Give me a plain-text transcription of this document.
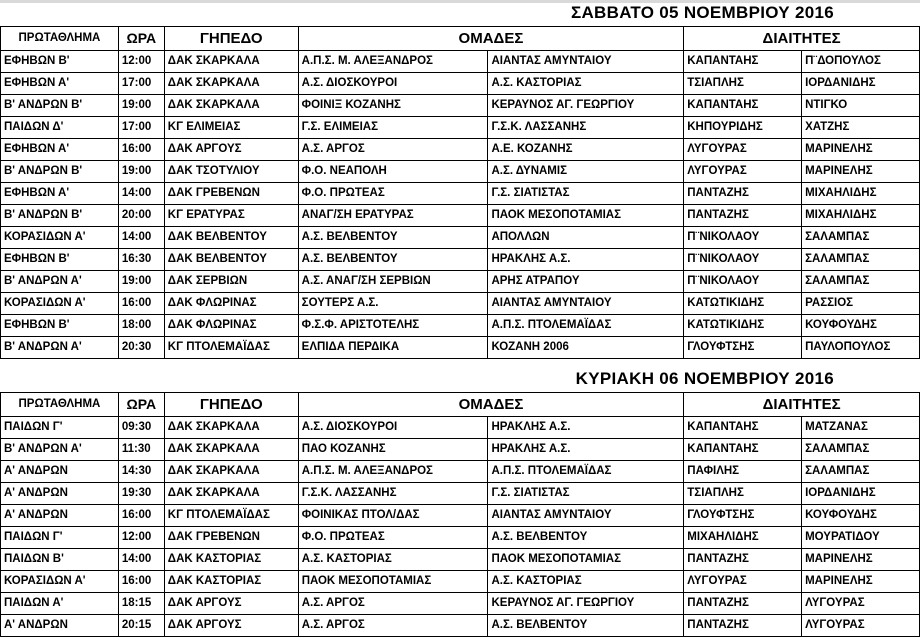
ΣΑΒΒΑΤΟ 05 ΝΟΕΜΒΡΙΟΥ 2016
ΠΡΩΤΑΘΛΗΜΑ	ΩΡΑ	ΓΗΠΕΔΟ	ΟΜΑΔΕΣ		ΔΙΑΙΤΗΤΕΣ	
ΕΦΗΒΩΝ Β'	12:00	ΔΑΚ ΣΚΑΡΚΑΛΑ	Α.Π.Σ. Μ. ΑΛΕΞΑΝΔΡΟΣ	ΑΙΑΝΤΑΣ ΑΜΥΝΤΑΙΟΥ	ΚΑΠΑΝΤΑΗΣ	Π¨ΔΟΠΟΥΛΟΣ
ΕΦΗΒΩΝ Α'	17:00	ΔΑΚ ΣΚΑΡΚΑΛΑ	Α.Σ. ΔΙΟΣΚΟΥΡΟΙ	Α.Σ. ΚΑΣΤΟΡΙΑΣ	ΤΣΙΑΠΛΗΣ	ΙΟΡΔΑΝΙΔΗΣ
Β' ΑΝΔΡΩΝ Β'	19:00	ΔΑΚ ΣΚΑΡΚΑΛΑ	ΦΟΙΝΙΞ ΚΟΖΑΝΗΣ	ΚΕΡΑΥΝΟΣ ΑΓ. ΓΕΩΡΓΙΟΥ	ΚΑΠΑΝΤΑΗΣ	ΝΤΙΓΚΟ
ΠΑΙΔΩΝ Δ'	17:00	ΚΓ ΕΛΙΜΕΙΑΣ	Γ.Σ. ΕΛΙΜΕΙΑΣ	Γ.Σ.Κ. ΛΑΣΣΑΝΗΣ	ΚΗΠΟΥΡΙΔΗΣ	ΧΑΤΖΗΣ
ΕΦΗΒΩΝ Α'	16:00	ΔΑΚ ΑΡΓΟΥΣ	Α.Σ. ΑΡΓΟΣ	Α.Ε. ΚΟΖΑΝΗΣ	ΛΥΓΟΥΡΑΣ	ΜΑΡΙΝΕΛΗΣ
Β' ΑΝΔΡΩΝ Β'	19:00	ΔΑΚ ΤΣΟΤΥΛΙΟΥ	Φ.Ο. ΝΕΑΠΟΛΗ	Α.Σ. ΔΥΝΑΜΙΣ	ΛΥΓΟΥΡΑΣ	ΜΑΡΙΝΕΛΗΣ
ΕΦΗΒΩΝ Α'	14:00	ΔΑΚ ΓΡΕΒΕΝΩΝ	Φ.Ο. ΠΡΩΤΕΑΣ	Γ.Σ. ΣΙΑΤΙΣΤΑΣ	ΠΑΝΤΑΖΗΣ	ΜΙΧΑΗΛΙΔΗΣ
Β' ΑΝΔΡΩΝ Β'	20:00	ΚΓ ΕΡΑΤΥΡΑΣ	ΑΝΑΓ/ΣΗ ΕΡΑΤΥΡΑΣ	ΠΑΟΚ ΜΕΣΟΠΟΤΑΜΙΑΣ	ΠΑΝΤΑΖΗΣ	ΜΙΧΑΗΛΙΔΗΣ
ΚΟΡΑΣΙΔΩΝ Α'	14:00	ΔΑΚ ΒΕΛΒΕΝΤΟΥ	Α.Σ. ΒΕΛΒΕΝΤΟΥ	ΑΠΟΛΛΩΝ	Π¨ΝΙΚΟΛΑΟΥ	ΣΑΛΑΜΠΑΣ
ΕΦΗΒΩΝ Β'	16:30	ΔΑΚ ΒΕΛΒΕΝΤΟΥ	Α.Σ. ΒΕΛΒΕΝΤΟΥ	ΗΡΑΚΛΗΣ Α.Σ.	Π¨ΝΙΚΟΛΑΟΥ	ΣΑΛΑΜΠΑΣ
Β' ΑΝΔΡΩΝ Α'	19:00	ΔΑΚ ΣΕΡΒΙΩΝ	Α.Σ. ΑΝΑΓ/ΣΗ ΣΕΡΒΙΩΝ	ΑΡΗΣ ΑΤΡΑΠΟΥ	Π¨ΝΙΚΟΛΑΟΥ	ΣΑΛΑΜΠΑΣ
ΚΟΡΑΣΙΔΩΝ Α'	16:00	ΔΑΚ ΦΛΩΡΙΝΑΣ	ΣΟΥΤΕΡΣ Α.Σ.	ΑΙΑΝΤΑΣ ΑΜΥΝΤΑΙΟΥ	ΚΑΤΩΤΙΚΙΔΗΣ	ΡΑΣΣΙΟΣ
ΕΦΗΒΩΝ Β'	18:00	ΔΑΚ ΦΛΩΡΙΝΑΣ	Φ.Σ.Φ. ΑΡΙΣΤΟΤΕΛΗΣ	Α.Π.Σ. ΠΤΟΛΕΜΑΪΔΑΣ	ΚΑΤΩΤΙΚΙΔΗΣ	ΚΟΥΦΟΥΔΗΣ
Β' ΑΝΔΡΩΝ Α'	20:30	ΚΓ ΠΤΟΛΕΜΑΪΔΑΣ	ΕΛΠΙΔΑ ΠΕΡΔΙΚΑ	ΚΟΖΑΝΗ 2006	ΓΛΟΥΦΤΣΗΣ	ΠΑΥΛΟΠΟΥΛΟΣ
ΚΥΡΙΑΚΗ 06 ΝΟΕΜΒΡΙΟΥ 2016
ΠΡΩΤΑΘΛΗΜΑ	ΩΡΑ	ΓΗΠΕΔΟ	ΟΜΑΔΕΣ		ΔΙΑΙΤΗΤΕΣ	
ΠΑΙΔΩΝ Γ'	09:30	ΔΑΚ ΣΚΑΡΚΑΛΑ	Α.Σ. ΔΙΟΣΚΟΥΡΟΙ	ΗΡΑΚΛΗΣ Α.Σ.	ΚΑΠΑΝΤΑΗΣ	ΜΑΤΖΑΝΑΣ
Β' ΑΝΔΡΩΝ Α'	11:30	ΔΑΚ ΣΚΑΡΚΑΛΑ	ΠΑΟ ΚΟΖΑΝΗΣ	ΗΡΑΚΛΗΣ Α.Σ.	ΚΑΠΑΝΤΑΗΣ	ΣΑΛΑΜΠΑΣ
Α' ΑΝΔΡΩΝ	14:30	ΔΑΚ ΣΚΑΡΚΑΛΑ	Α.Π.Σ. Μ. ΑΛΕΞΑΝΔΡΟΣ	Α.Π.Σ. ΠΤΟΛΕΜΑΪΔΑΣ	ΠΑΦΙΛΗΣ	ΣΑΛΑΜΠΑΣ
Α' ΑΝΔΡΩΝ	19:30	ΔΑΚ ΣΚΑΡΚΑΛΑ	Γ.Σ.Κ. ΛΑΣΣΑΝΗΣ	Γ.Σ. ΣΙΑΤΙΣΤΑΣ	ΤΣΙΑΠΛΗΣ	ΙΟΡΔΑΝΙΔΗΣ
Α' ΑΝΔΡΩΝ	16:00	ΚΓ ΠΤΟΛΕΜΑΪΔΑΣ	ΦΟΙΝΙΚΑΣ ΠΤΟΛ/ΔΑΣ	ΑΙΑΝΤΑΣ ΑΜΥΝΤΑΙΟΥ	ΓΛΟΥΦΤΣΗΣ	ΚΟΥΦΟΥΔΗΣ
ΠΑΙΔΩΝ Γ'	12:00	ΔΑΚ ΓΡΕΒΕΝΩΝ	Φ.Ο. ΠΡΩΤΕΑΣ	Α.Σ. ΒΕΛΒΕΝΤΟΥ	ΜΙΧΑΗΛΙΔΗΣ	ΜΟΥΡΑΤΙΔΟΥ
ΠΑΙΔΩΝ Β'	14:00	ΔΑΚ ΚΑΣΤΟΡΙΑΣ	Α.Σ. ΚΑΣΤΟΡΙΑΣ	ΠΑΟΚ ΜΕΣΟΠΟΤΑΜΙΑΣ	ΠΑΝΤΑΖΗΣ	ΜΑΡΙΝΕΛΗΣ
ΚΟΡΑΣΙΔΩΝ Α'	16:00	ΔΑΚ ΚΑΣΤΟΡΙΑΣ	ΠΑΟΚ ΜΕΣΟΠΟΤΑΜΙΑΣ	Α.Σ. ΚΑΣΤΟΡΙΑΣ	ΛΥΓΟΥΡΑΣ	ΜΑΡΙΝΕΛΗΣ
ΠΑΙΔΩΝ Α'	18:15	ΔΑΚ ΑΡΓΟΥΣ	Α.Σ. ΑΡΓΟΣ	ΚΕΡΑΥΝΟΣ ΑΓ. ΓΕΩΡΓΙΟΥ	ΠΑΝΤΑΖΗΣ	ΛΥΓΟΥΡΑΣ
Α' ΑΝΔΡΩΝ	20:15	ΔΑΚ ΑΡΓΟΥΣ	Α.Σ. ΑΡΓΟΣ	Α.Σ. ΒΕΛΒΕΝΤΟΥ	ΠΑΝΤΑΖΗΣ	ΛΥΓΟΥΡΑΣ
